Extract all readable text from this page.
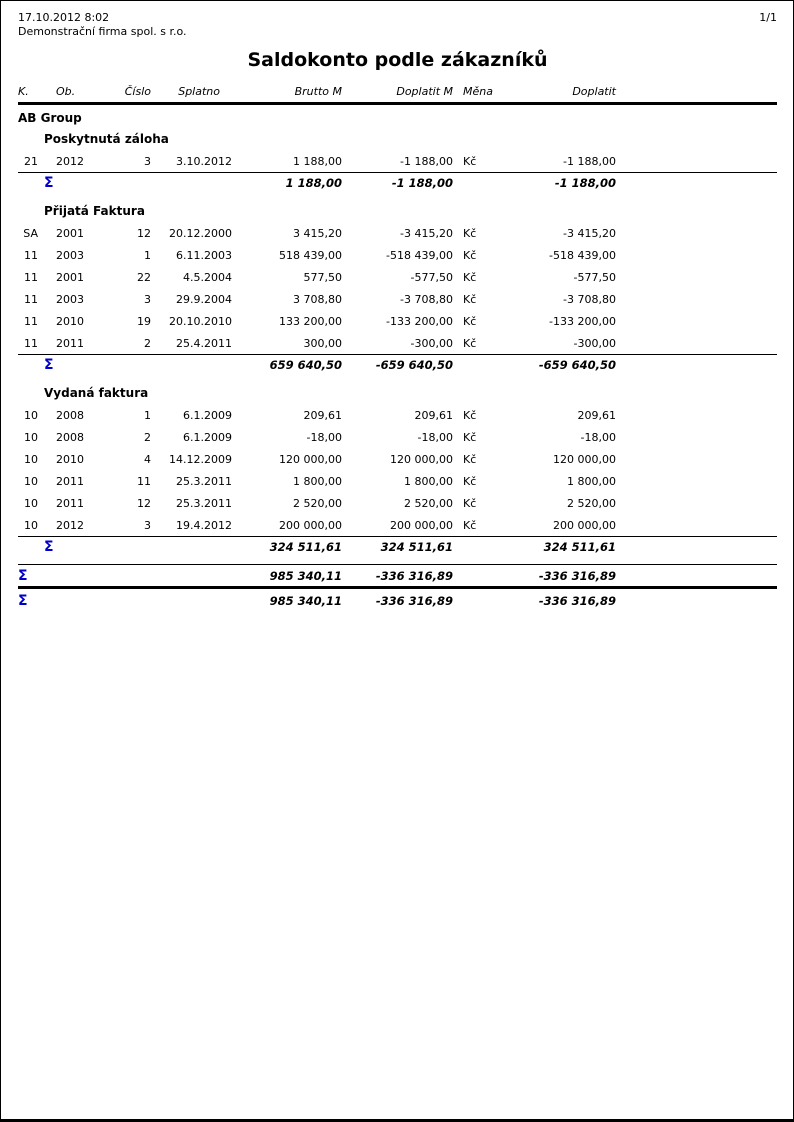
17.10.2012 8:02
Demonstrační firma spol. s r.o.
1/1
Saldokonto podle zákazníků
K.	Ob.	Číslo	Splatno	Brutto M	Doplatit M Měna	Doplatit
AB Group
Poskytnutá záloha
21	2012	3	3.10.2012	1 188,00	-1 188,00 Kč	-1 188,00
Σ	1 188,00	-1 188,00	-1 188,00
Přijatá Faktura
SA	2001	12	20.12.2000	3 415,20	-3 415,20 Kč	-3 415,20
11	2003	1	6.11.2003	518 439,00	-518 439,00 Kč	-518 439,00
11	2001	22	4.5.2004	577,50	-577,50 Kč	-577,50
11	2003	3	29.9.2004	3 708,80	-3 708,80 Kč	-3 708,80
11	2010	19	20.10.2010	133 200,00	-133 200,00 Kč	-133 200,00
11	2011	2	25.4.2011	300,00	-300,00 Kč	-300,00
Σ	659 640,50	-659 640,50	-659 640,50
Vydaná faktura
10	2008	1	6.1.2009	209,61	209,61 Kč	209,61
10	2008	2	6.1.2009	-18,00	-18,00 Kč	-18,00
10	2010	4	14.12.2009	120 000,00	120 000,00 Kč	120 000,00
10	2011	11	25.3.2011	1 800,00	1 800,00 Kč	1 800,00
10	2011	12	25.3.2011	2 520,00	2 520,00 Kč	2 520,00
10	2012	3	19.4.2012	200 000,00	200 000,00 Kč	200 000,00
Σ	324 511,61	324 511,61	324 511,61
Σ	985 340,11	-336 316,89	-336 316,89
Σ	985 340,11	-336 316,89	-336 316,89
